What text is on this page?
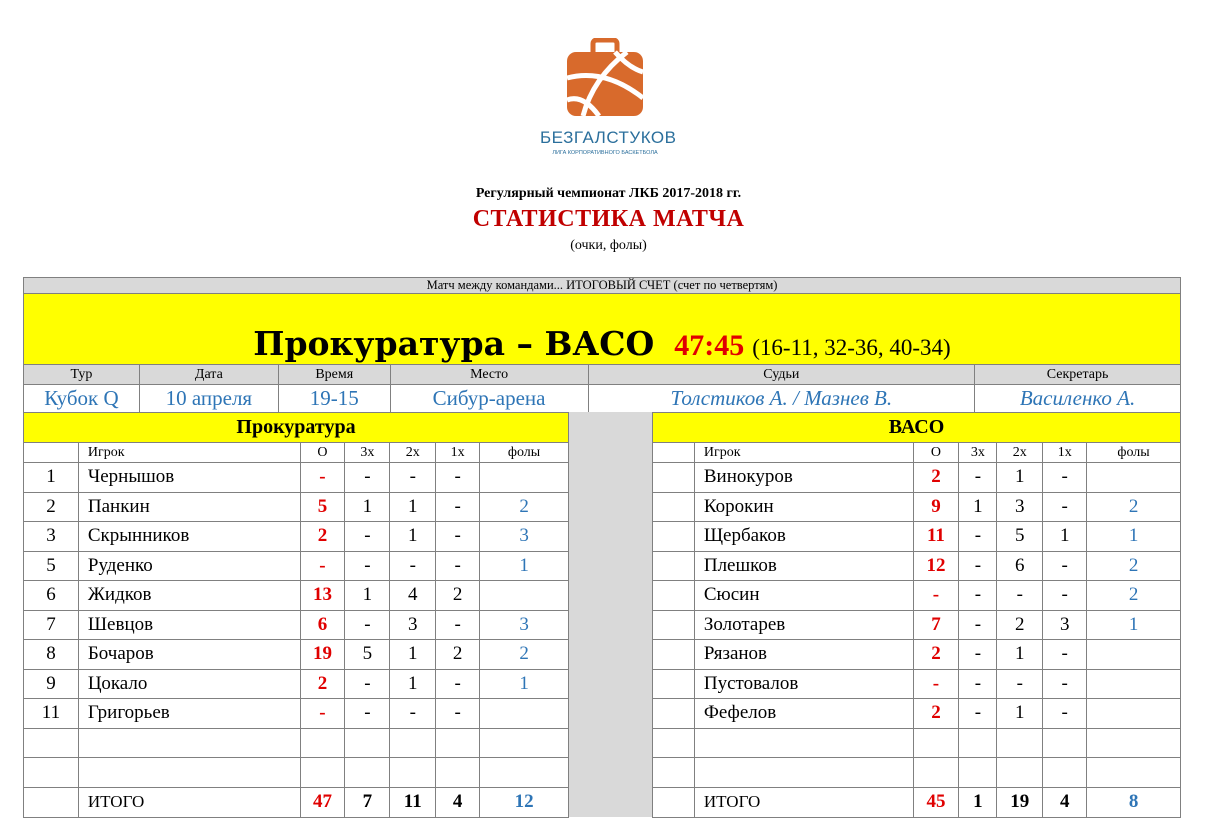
БЕЗГАЛСТУКОВ
ЛИГА КОРПОРАТИВНОГО БАСКЕТБОЛА
Регулярный чемпионат ЛКБ 2017-2018 гг.
СТАТИСТИКА МАТЧА
(очки, фолы)
Матч между командами... ИТОГОВЫЙ СЧЕТ (счет по четвертям)
Прокуратура – ВАСО 47:45 (16-11, 32-36, 40-34)
Тур	Дата	Время	Место	Судьи	Секретарь
Кубок Q	10 апреля	19-15	Сибур-арена	Толстиков А. / Мазнев В.	Василенко А.
Прокуратура						
	Игрок	О	3х	2х	1х	фолы
1	Чернышов	-	-	-	-	
2	Панкин	5	1	1	-	2
3	Скрынников	2	-	1	-	3
5	Руденко	-	-	-	-	1
6	Жидков	13	1	4	2	
7	Шевцов	6	-	3	-	3
8	Бочаров	19	5	1	2	2
9	Цокало	2	-	1	-	1
11	Григорьев	-	-	-	-	

	ИТОГО	47	7	11	4	12
ВАСО						
	Игрок	О	3х	2х	1х	фолы
	Винокуров	2	-	1	-	
	Корокин	9	1	3	-	2
	Щербаков	11	-	5	1	1
	Плешков	12	-	6	-	2
	Сюсин	-	-	-	-	2
	Золотарев	7	-	2	3	1
	Рязанов	2	-	1	-	
	Пустовалов	-	-	-	-	
	Фефелов	2	-	1	-	

	ИТОГО	45	1	19	4	8
